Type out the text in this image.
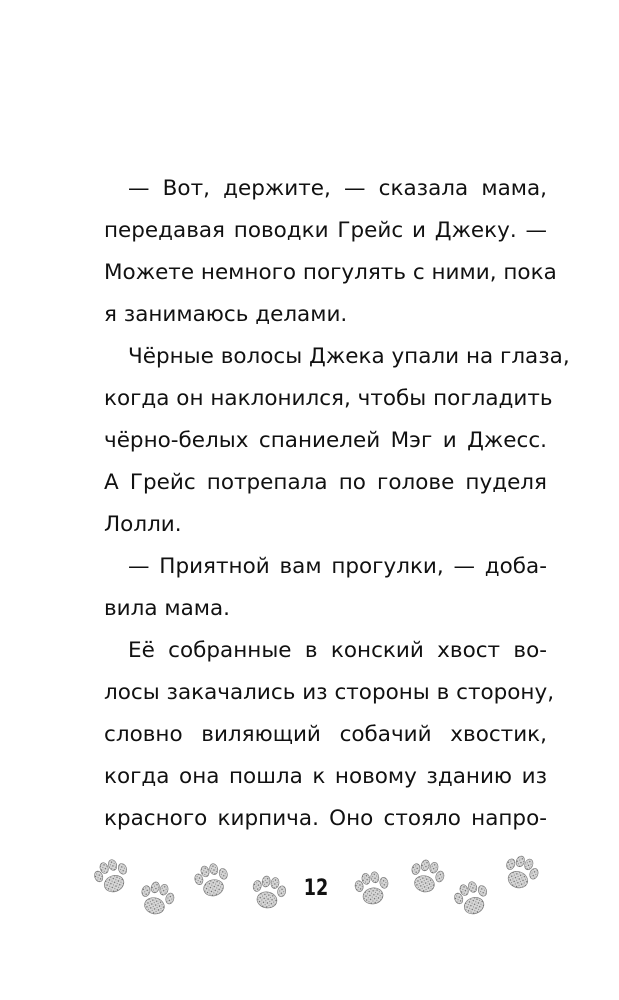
— Вот, держите, — сказала мама,
передавая поводки Грейс и Джеку. —
Можете немного погулять с ними, пока
я занимаюсь делами.
Чёрные волосы Джека упали на глаза,
когда он наклонился, чтобы погладить
чёрно-белых спаниелей Мэг и Джесс.
А Грейс потрепала по голове пуделя
Лолли.
— Приятной вам прогулки, — доба-
вила мама.
Её собранные в конский хвост во-
лосы закачались из стороны в сторону,
словно виляющий собачий хвостик,
когда она пошла к новому зданию из
красного кирпича. Оно стояло напро-
12
